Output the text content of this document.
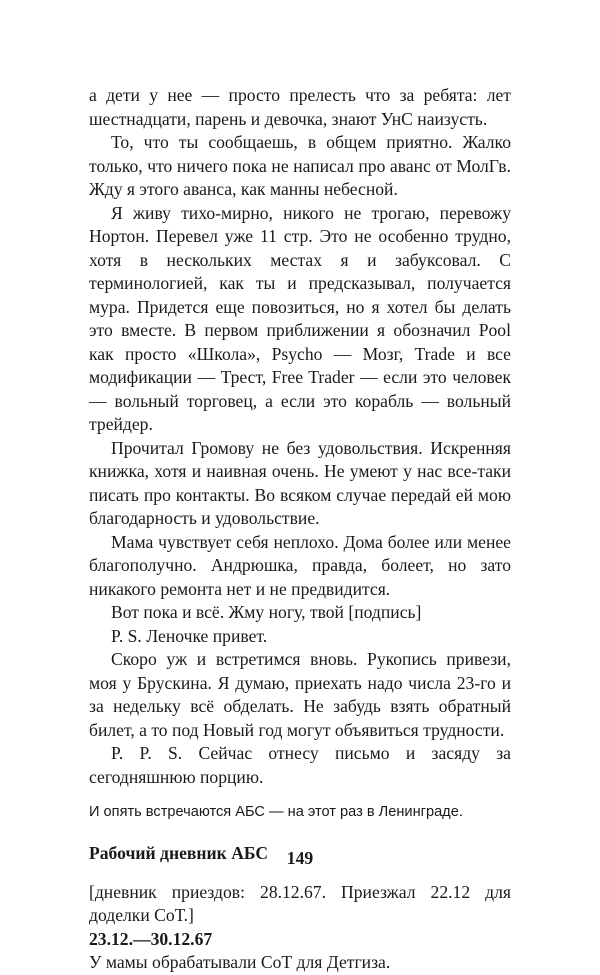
а дети у нее — просто прелесть что за ребята: лет шестнадцати, парень и девочка, знают УнС наизусть.

То, что ты сообщаешь, в общем приятно. Жалко только, что ничего пока не написал про аванс от МолГв. Жду я этого аванса, как манны небесной.

Я живу тихо-мирно, никого не трогаю, перевожу Нортон. Перевел уже 11 стр. Это не особенно трудно, хотя в нескольких местах я и забуксовал. С терминологией, как ты и предсказывал, получается мура. Придется еще повозиться, но я хотел бы делать это вместе. В первом приближении я обозначил Pool как просто «Школа», Psycho — Мозг, Trade и все модификации — Трест, Free Trader — если это человек — вольный торговец, а если это корабль — вольный трейдер.

Прочитал Громову не без удовольствия. Искренняя книжка, хотя и наивная очень. Не умеют у нас все-таки писать про контакты. Во всяком случае передай ей мою благодарность и удовольствие.

Мама чувствует себя неплохо. Дома более или менее благополучно. Андрюшка, правда, болеет, но зато никакого ремонта нет и не предвидится.

Вот пока и всё. Жму ногу, твой [подпись]

P. S. Леночке привет.

Скоро уж и встретимся вновь. Рукопись привези, моя у Брускина. Я думаю, приехать надо числа 23-го и за недельку всё обделать. Не забудь взять обратный билет, а то под Новый год могут объявиться трудности.

P. P. S. Сейчас отнесу письмо и засяду за сегодняшнюю порцию.

И опять встречаются АБС — на этот раз в Ленинграде.

Рабочий дневник АБС

[дневник приездов: 28.12.67. Приезжал 22.12 для доделки СоТ.]

23.12.—30.12.67

У мамы обрабатывали СоТ для Детгиза.

149
